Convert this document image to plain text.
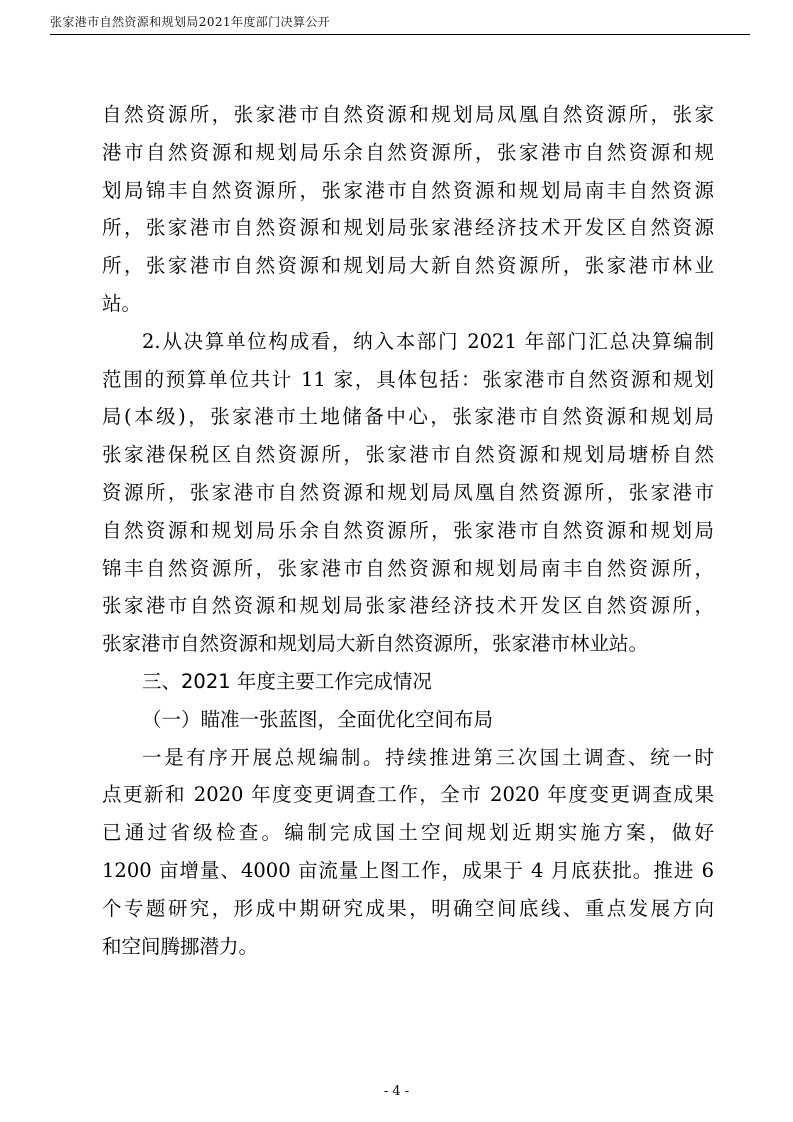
张家港市自然资源和规划局2021年度部门决算公开
自然资源所，张家港市自然资源和规划局凤凰自然资源所，张家
港市自然资源和规划局乐余自然资源所，张家港市自然资源和规
划局锦丰自然资源所，张家港市自然资源和规划局南丰自然资源
所，张家港市自然资源和规划局张家港经济技术开发区自然资源
所，张家港市自然资源和规划局大新自然资源所，张家港市林业
站。
2.从决算单位构成看，纳入本部门 2021 年部门汇总决算编制
范围的预算单位共计 11 家，具体包括：张家港市自然资源和规划
局(本级)，张家港市土地储备中心，张家港市自然资源和规划局
张家港保税区自然资源所，张家港市自然资源和规划局塘桥自然
资源所，张家港市自然资源和规划局凤凰自然资源所，张家港市
自然资源和规划局乐余自然资源所，张家港市自然资源和规划局
锦丰自然资源所，张家港市自然资源和规划局南丰自然资源所，
张家港市自然资源和规划局张家港经济技术开发区自然资源所，
张家港市自然资源和规划局大新自然资源所，张家港市林业站。
三、2021 年度主要工作完成情况
（一）瞄准一张蓝图，全面优化空间布局
一是有序开展总规编制。持续推进第三次国土调查、统一时
点更新和 2020 年度变更调查工作，全市 2020 年度变更调查成果
已通过省级检查。编制完成国土空间规划近期实施方案，做好
1200 亩增量、4000 亩流量上图工作，成果于 4 月底获批。推进 6
个专题研究，形成中期研究成果，明确空间底线、重点发展方向
和空间腾挪潜力。
- 4 -
